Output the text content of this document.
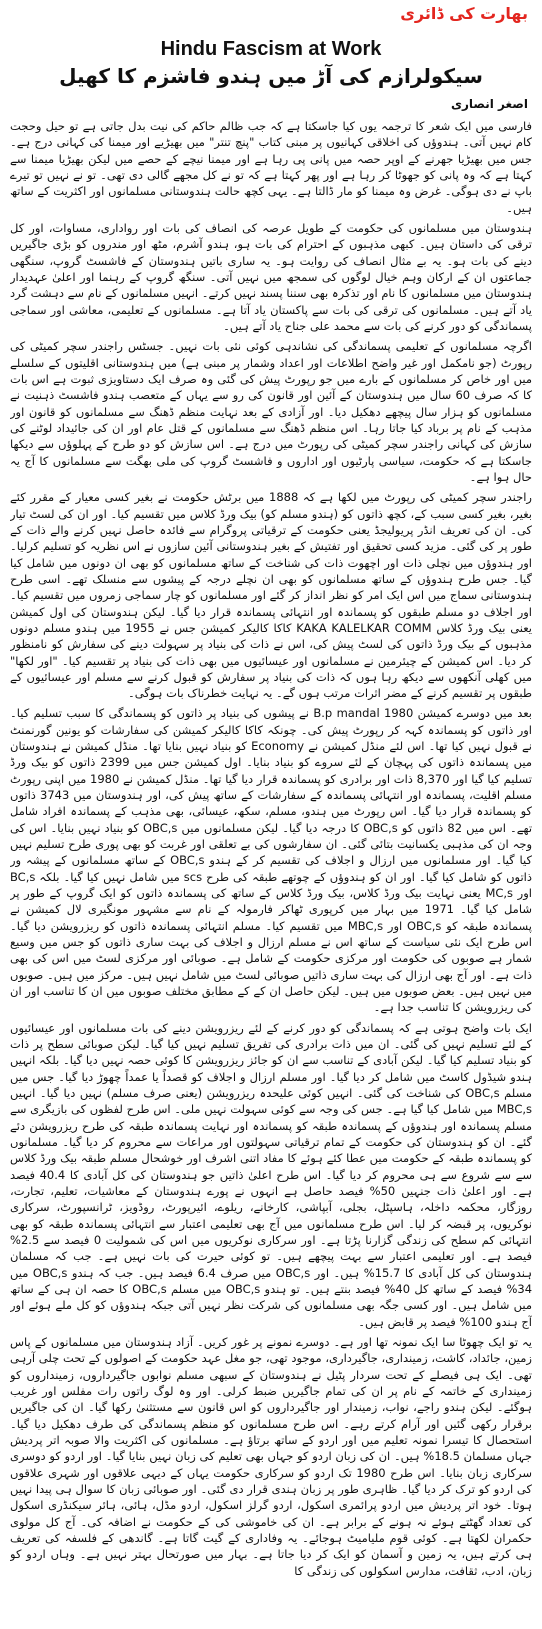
بھارت کی ڈائری
Hindu Fascism at Work
سیکولرازم کی آڑ میں ہندو فاشزم کا کھیل
اصغر انصاری

فارسی میں ایک شعر کا ترجمہ یوں کیا جاسکتا ہے کہ جب ظالم حاکم کی نیت بدل جاتی ہے تو حیل وحجت کام نہیں آتی۔ ہندوؤں کی اخلاقی کہانیوں پر مبنی کتاب "پنچ تنتر" میں بھیڑیے اور میمنا کی کہانی درج ہے۔ جس میں بھیڑیا جھرنے کے اوپر حصہ میں پانی پی رہا ہے اور میمنا نیچے کے حصے میں لیکن بھیڑیا میمنا سے کہتا ہے کہ وہ پانی کو جھوٹا کر رہا ہے اور پھر کہتا ہے کہ تو نے کل مجھے گالی دی تھی۔ تو نے نہیں تو تیرے باپ نے دی ہوگی۔ غرض وہ میمنا کو مار ڈالتا ہے۔ یہی کچھ حالت ہندوستانی مسلمانوں اور اکثریت کے ساتھ ہیں۔

ہندوستان میں مسلمانوں کی حکومت کے طویل عرصہ کی انصاف کی بات اور رواداری، مساوات، اور کل ترقی کی داستان ہیں۔ کبھی مذہبوں کے احترام کی بات ہو، ہندو آشرم، مٹھ اور مندروں کو بڑی جاگیریں دینے کی بات ہو۔ یہ بے مثال انصاف کی روایت ہو۔ یہ ساری باتیں ہندوستان کے فاشسٹ گروپ، سنگھی جماعتوں ان کے ارکان وہم خیال لوگوں کی سمجھ میں نہیں آتی۔ سنگھ گروپ کے رہنما اور اعلیٰ عہدیدار ہندوستان میں مسلمانوں کا نام اور تذکرہ بھی سننا پسند نہیں کرتے۔ انہیں مسلمانوں کے نام سے دہشت گرد یاد آتے ہیں۔ مسلمانوں کی ترقی کی بات سے پاکستان یاد آتا ہے۔ مسلمانوں کے تعلیمی، معاشی اور سماجی پسماندگی کو دور کرنے کی بات سے محمد علی جناح یاد آتے ہیں۔

اگرچہ مسلمانوں کے تعلیمی پسماندگی کی نشاندہی کوئی نئی بات نہیں۔ جسٹس راجندر سچر کمیٹی کی رپورٹ (جو نامکمل اور غیر واضح اطلاعات اور اعداد وشمار پر مبنی ہے) میں ہندوستانی اقلیتوں کے سلسلے میں اور خاص کر مسلمانوں کے بارے میں جو رپورٹ پیش کی گئی وہ صرف ایک دستاویزی ثبوت ہے اس بات کا کہ صرف 60 سال میں ہندوستان کے آئین اور قانون کی رو سے یہاں کے متعصب ہندو فاشسٹ ذہنیت نے مسلمانوں کو ہزار سال پیچھے دھکیل دیا۔ اور آزادی کے بعد نہایت منظم ڈھنگ سے مسلمانوں کو قانون اور مذہب کے نام پر برباد کیا جاتا رہا۔ اس منظم ڈھنگ سے مسلمانوں کے قتل عام اور ان کی جائیداد لوٹنے کی سازش کی کہانی راجندر سچر کمیٹی کی رپورٹ میں درج ہے۔ اس سازش کو دو طرح کے پہلوؤں سے دیکھا جاسکتا ہے کہ حکومت، سیاسی پارٹیوں اور اداروں و فاشسٹ گروپ کی ملی بھگت سے مسلمانوں کا آج یہ حال ہوا ہے۔

راجندر سچر کمیٹی کی رپورٹ میں لکھا ہے کہ 1888 میں برٹش حکومت نے بغیر کسی معیار کے مقرر کئے بغیر، بغیر کسی سبب کے، کچھ ذاتوں کو (ہندو مسلم کو) بیک ورڈ کلاس میں تقسیم کیا۔ اور ان کی لسٹ تیار کی۔ ان کی تعریف انڈر پریولیجڈ یعنی حکومت کے ترقیاتی پروگرام سے فائدہ حاصل نہیں کرنے والے ذات کے طور پر کی گئی۔ مزید کسی تحقیق اور تفتیش کے بغیر ہندوستانی آئین سازوں نے اس نظریہ کو تسلیم کرلیا۔ اور ہندوؤں میں نچلی ذات اور اچھوت ذات کی شناخت کے ساتھ مسلمانوں کو بھی ان دونوں میں شامل کیا گیا۔ جس طرح ہندوؤں کے ساتھ مسلمانوں کو بھی ان نچلے درجہ کے پیشوں سے منسلک تھے۔ اسی طرح ہندوستانی سماج میں اس ایک امر کو نظر انداز کر گئے اور مسلمانوں کو چار سماجی زمروں میں تقسیم کیا۔ اور اجلاف دو مسلم طبقوں کو پسماندہ اور انتہائی پسماندہ قرار دیا گیا۔ لیکن ہندوستان کی اول کمیشن یعنی بیک ورڈ کلاس KAKA KALELKAR COMM کاکا کالیکر کمیشن جس نے 1955 میں ہندو مسلم دونوں مذہبوں کے بیک ورڈ ذاتوں کی لسٹ پیش کی، اس نے ذات کی بنیاد پر سہولت دینے کی سفارش کو نامنظور کر دیا۔ اس کمیشن کے چیئرمین نے مسلمانوں اور عیسائیوں میں بھی ذات کی بنیاد پر تقسیم کیا۔ "اور لکھا" میں کھلی آنکھوں سے دیکھ رہا ہوں کہ ذات کی بنیاد پر سفارش کو قبول کرنے سے مسلم اور عیسائیوں کے طبقوں پر تقسیم کرنے کے مضر اثرات مرتب ہوں گے۔ یہ نہایت خطرناک بات ہوگی۔

بعد میں دوسرے کمیشن B.p mandal 1980 نے پیشوں کی بنیاد پر ذاتوں کو پسماندگی کا سبب تسلیم کیا۔ اور ذاتوں کو پسماندہ کہہ کر رپورٹ پیش کی۔ چونکہ کاکا کالیکر کمیشن کی سفارشات کو یونین گورنمنٹ نے قبول نہیں کیا تھا۔ اس لئے منڈل کمیشن نے Economy کو بنیاد نہیں بنایا تھا۔ منڈل کمیشن نے ہندوستان میں پسماندہ ذاتوں کی پہچان کے لئے سروے کو بنیاد بنایا۔ اول کمیشن جس میں 2399 ذاتوں کو بیک ورڈ تسلیم کیا گیا اور 8,370 ذات اور برادری کو پسماندہ قرار دیا گیا تھا۔ منڈل کمیشن نے 1980 میں اپنی رپورٹ مسلم اقلیت، پسماندہ اور انتہائی پسماندہ کے سفارشات کے ساتھ پیش کی، اور ہندوستان میں 3743 ذاتوں کو پسماندہ قرار دیا گیا۔ اس رپورٹ میں ہندو، مسلم، سکھ، عیسائی، بھی مذہب کے پسماندہ افراد شامل تھے۔ اس میں 82 ذاتوں کو OBC,s کا درجہ دیا گیا۔ لیکن مسلمانوں میں OBC,s کو بنیاد نہیں بنایا۔ اس کی وجہ ان کی مذہبی یکسانیت بتائی گئی۔ ان سفارشوں کی بے تعلقی اور غربت کو بھی پوری طرح تسلیم نہیں کیا گیا۔ اور مسلمانوں میں ارزال و اجلاف کی تقسیم کر کے ہندو OBC,s کے ساتھ مسلمانوں کے پیشہ ور ذاتوں کو شامل کیا گیا۔ اور ان کو ہندوؤں کے چوتھے طبقہ کی طرح scs میں شامل نہیں کیا گیا۔ بلکہ BC,s اور MC,s یعنی نہایت بیک ورڈ کلاس، بیک ورڈ کلاس کے ساتھ کی پسماندہ ذاتوں کو ایک گروپ کے طور پر شامل کیا گیا۔ 1971 میں بہار میں کرپوری ٹھاکر فارمولہ کے نام سے مشہور مونگیری لال کمیشن نے پسماندہ طبقہ کو OBC,s اور MBC,s میں تقسیم کیا۔ مسلم انتہائی پسماندہ ذاتوں کو ریزرویشن دیا گیا۔ اس طرح ایک نئی سیاست کے ساتھ اس نے مسلم ارزال و اجلاف کی بہت ساری ذاتوں کو جس میں وسیع شمار ہے صوبوں کی حکومت اور مرکزی حکومت کے شامل ہے۔ صوبائی اور مرکزی لسٹ میں اس کی بھی ذات ہے۔ اور آج بھی ارزال کی بہت ساری ذاتیں صوبائی لسٹ میں شامل نہیں ہیں۔ مرکز میں ہیں۔ صوبوں میں نہیں ہیں۔ بعض صوبوں میں ہیں۔ لیکن حاصل ان کے کے مطابق مختلف صوبوں میں ان کا تناسب اور ان کی ریزرویشن کا تناسب جدا ہے۔

ایک بات واضح ہوتی ہے کہ پسماندگی کو دور کرنے کے لئے ریزرویشن دینے کی بات مسلمانوں اور عیسائیوں کے لئے تسلیم نہیں کی گئی۔ ان میں ذات برادری کی تفریق تسلیم نہیں کیا گیا۔ لیکن صوبائی سطح پر ذات کو بنیاد تسلیم کیا گیا۔ لیکن آبادی کے تناسب سے ان کو جائز ریزرویشن کا کوئی حصہ نہیں دیا گیا۔ بلکہ انہیں ہندو شیڈول کاسٹ میں شامل کر دیا گیا۔ اور مسلم ارزال و اجلاف کو قصداً یا عمداً چھوڑ دیا گیا۔ جس میں مسلم OBC,s کی شناخت کی گئی۔ انہیں کوئی علیحدہ ریزرویشن (یعنی صرف مسلم) نہیں دیا گیا۔ انہیں MBC,s میں شامل کیا گیا ہے۔ جس کی وجہ سے کوئی سہولت نہیں ملی۔ اس طرح لفظوں کی بازیگری سے مسلم پسماندہ اور ہندوؤں کے پسماندہ طبقہ کو پسماندہ اور نہایت پسماندہ طبقہ کی طرح ریزرویشن دئے گئے۔ ان کو ہندوستان کی حکومت کے تمام ترقیاتی سہولتوں اور مراعات سے محروم کر دیا گیا۔ مسلمانوں کو پسماندہ طبقہ کے حکومت میں عطا کئے ہوئے کا مفاد اتنی اشرف اور خوشحال مسلم طبقہ بیک ورڈ کلاس سے سے شروع سے ہی محروم کر دیا گیا۔ اس طرح اعلیٰ ذاتیں جو ہندوستان کی کل آبادی کا 40.4 فیصد ہے۔ اور اعلیٰ ذات جنہیں 50% فیصد حاصل ہے انہوں نے پورے ہندوستان کے معاشیات، تعلیم، تجارت، روزگار، محکمہ داخلہ، ہاسپٹل، بجلی، آبپاشی، کارخانے، ریلوے، ائیرپورٹ، روڈویز، ٹرانسپورٹ، سرکاری نوکریوں، پر قبضہ کر لیا۔ اس طرح مسلمانوں میں آج بھی تعلیمی اعتبار سے انتہائی پسماندہ طبقہ کو بھی انتہائی کم سطح کی زندگی گزارنا پڑتا ہے۔ اور سرکاری نوکریوں میں اس کی شمولیت 0 فیصد سے 2.5% فیصد ہے۔ اور تعلیمی اعتبار سے بہت پیچھے ہیں۔ تو کوئی حیرت کی بات نہیں ہے۔ جب کہ مسلمان ہندوستان کی کل آبادی کا 15.7% ہیں۔ اور OBC,s میں صرف 6.4 فیصد ہیں۔ جب کہ ہندو OBC,s میں 34% فیصد کے ساتھ کل 40% فیصد بنتے ہیں۔ تو ہندو OBC,s میں مسلم OBC,s کا حصہ ان ہی کے ساتھ میں شامل ہیں۔ اور کسی جگہ بھی مسلمانوں کی شرکت نظر نہیں آتی جبکہ ہندوؤں کو کل ملے ہوئے اور آج ہندو 100% فیصد پر قابض ہیں۔

یہ تو ایک چھوٹا سا ایک نمونہ تھا اور ہے۔ دوسرے نمونے پر غور کریں۔ آزاد ہندوستان میں مسلمانوں کے پاس زمین، جائداد، کاشت، زمینداری، جاگیرداری، موجود تھی، جو مغل عہد حکومت کے اصولوں کے تحت چلی آرہی تھی۔ ایک ہی فیصلے کے تحت سردار پٹیل نے ہندوستان کے سبھی مسلم نوابوں جاگیرداروں، زمینداروں کو زمینداری کے خاتمہ کے نام پر ان کی تمام جاگیریں ضبط کرلی۔ اور وہ لوگ راتوں رات مفلس اور غریب ہوگئے۔ لیکن ہندو راجے، نواب، زمیندار اور جاگیرداروں کو اس قانون سے مستثنیٰ رکھا گیا۔ ان کی جاگیریں برقرار رکھی گئیں اور آرام کرتے رہے۔ اس طرح مسلمانوں کو منظم پسماندگی کی طرف دھکیل دیا گیا۔ استحصال کا تیسرا نمونہ تعلیم میں اور اردو کے ساتھ برتاؤ ہے۔ مسلمانوں کی اکثریت والا صوبہ اتر پردیش جہاں مسلمان 18.5% ہیں۔ ان کی زبان اردو کو جہاں بھی تعلیم کی زبان نہیں بنایا گیا۔ اور اردو کو دوسری سرکاری زبان بنایا۔ اس طرح 1980 تک اردو کو سرکاری حکومت یہاں کے دیہی علاقوں اور شہری علاقوں کی اردو کو ترک کر دیا گیا۔ ظاہری طور پر زبان ہندی قرار دی گئی۔ اور صوبائی زبان کا سوال ہی پیدا نہیں ہوتا۔ خود اتر پردیش میں اردو پرائمری اسکول، اردو گرلز اسکول، اردو مڈل، ہائی، ہائر سیکنڈری اسکول کی تعداد گھٹتے ہوئے نہ ہونے کے برابر ہے۔ ان کی خاموشی کی کے حکومت نے اضافہ کی۔ آج کل مولوی حکمران لکھتا ہے۔ کوئی قوم ملیامیٹ ہوجائے۔ یہ وفاداری کے گیت گاتا ہے۔ گاندھی کے فلسفہ کی تعریف ہی کرتے ہیں، یہ زمین و آسمان کو ایک کر دیا جاتا ہے۔ بہار میں صورتحال بہتر نہیں ہے۔ وہاں اردو کو زبان، ادب، ثقافت، مدارس اسکولوں کی زندگی کا
